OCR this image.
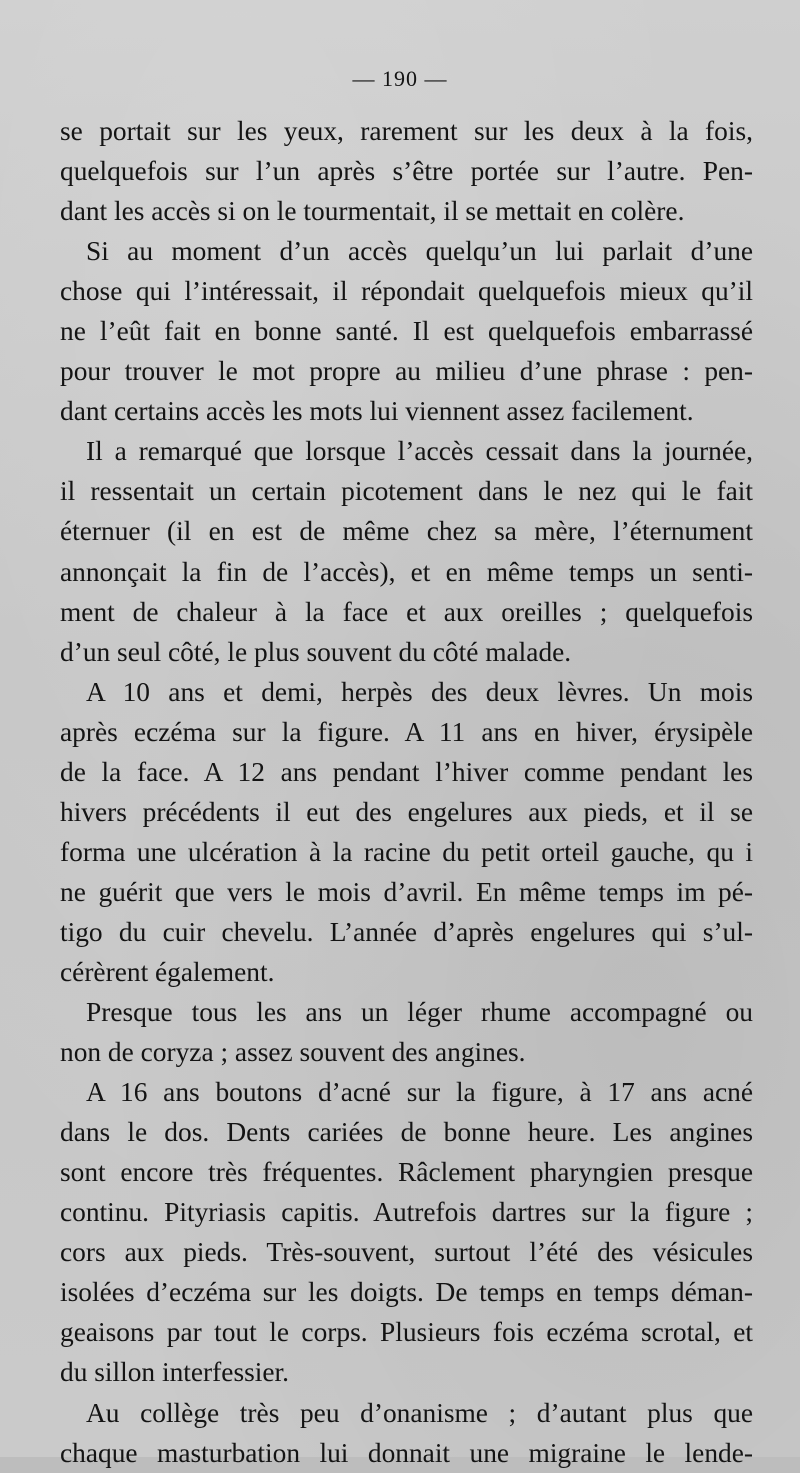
— 190 —
se portait sur les yeux, rarement sur les deux à la fois,
quelquefois sur l’un après s’être portée sur l’autre. Pen-
dant les accès si on le tourmentait, il se mettait en colère.
Si au moment d’un accès quelqu’un lui parlait d’une
chose qui l’intéressait, il répondait quelquefois mieux qu’il
ne l’eût fait en bonne santé. Il est quelquefois embarrassé
pour trouver le mot propre au milieu d’une phrase : pen-
dant certains accès les mots lui viennent assez facilement.
Il a remarqué que lorsque l’accès cessait dans la journée,
il ressentait un certain picotement dans le nez qui le fait
éternuer (il en est de même chez sa mère, l’éternument
annonçait la fin de l’accès), et en même temps un senti-
ment de chaleur à la face et aux oreilles ; quelquefois
d’un seul côté, le plus souvent du côté malade.
A 10 ans et demi, herpès des deux lèvres. Un mois
après eczéma sur la figure. A 11 ans en hiver, érysipèle
de la face. A 12 ans pendant l’hiver comme pendant les
hivers précédents il eut des engelures aux pieds, et il se
forma une ulcération à la racine du petit orteil gauche, qu i
ne guérit que vers le mois d’avril. En même temps im pé-
tigo du cuir chevelu. L’année d’après engelures qui s’ul-
cérèrent également.
Presque tous les ans un léger rhume accompagné ou
non de coryza ; assez souvent des angines.
A 16 ans boutons d’acné sur la figure, à 17 ans acné
dans le dos. Dents cariées de bonne heure. Les angines
sont encore très fréquentes. Râclement pharyngien presque
continu. Pityriasis capitis. Autrefois dartres sur la figure ;
cors aux pieds. Très-souvent, surtout l’été des vésicules
isolées d’eczéma sur les doigts. De temps en temps déman-
geaisons par tout le corps. Plusieurs fois eczéma scrotal, et
du sillon interfessier.
Au collège très peu d’onanisme ; d’autant plus que
chaque masturbation lui donnait une migraine le lende-
